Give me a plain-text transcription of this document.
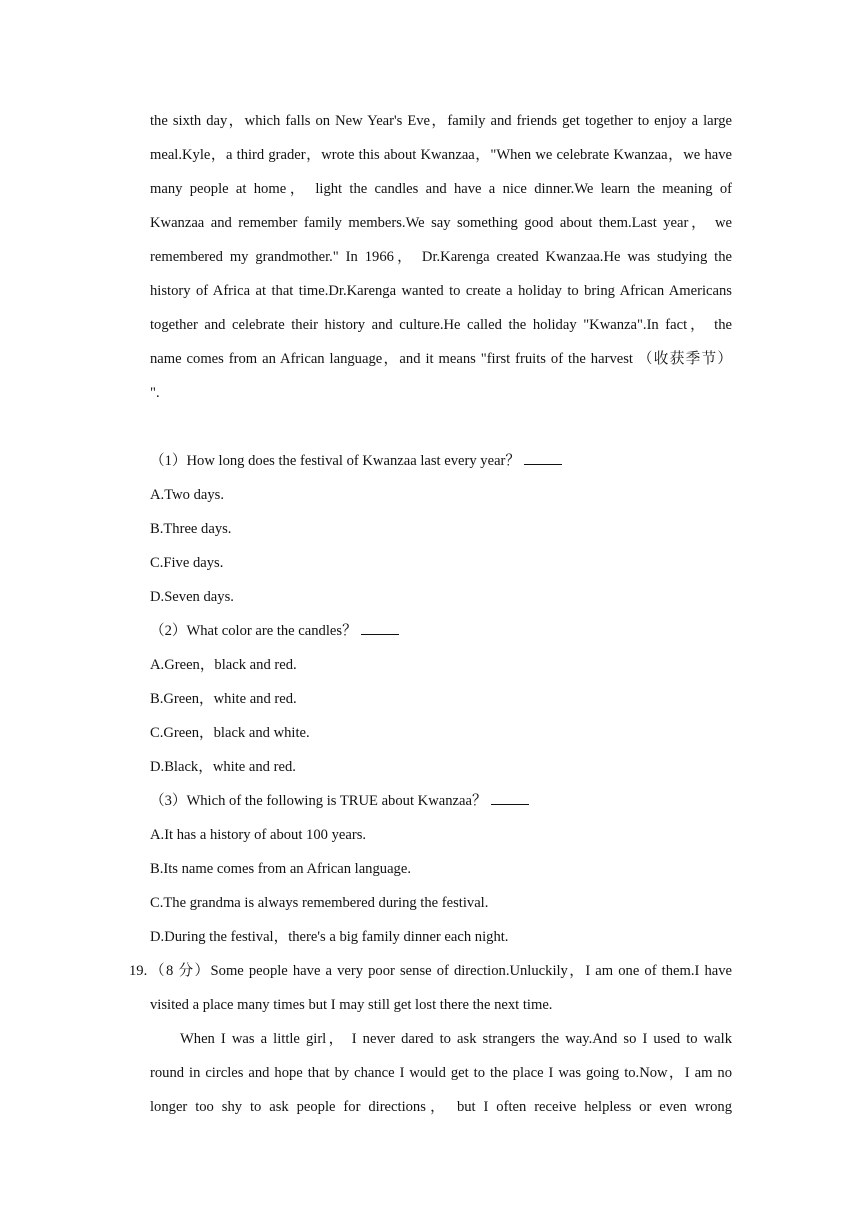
the sixth day，which falls on New Year's Eve，family and friends get together to enjoy a large
meal.Kyle，a third grader，wrote this about Kwanzaa，"When we celebrate Kwanzaa，we have
many people at home， light the candles and have a nice dinner.We learn the meaning of
Kwanzaa and remember family members.We say something good about them.Last year， we
remembered my grandmother." In 1966， Dr.Karenga created Kwanzaa.He was studying the
history of Africa at that time.Dr.Karenga wanted to create a holiday to bring African Americans
together and celebrate their history and culture.He called the holiday "Kwanza".In fact， the
name comes from an African language，and it means "first fruits of the harvest （收获季节）
".
（1）How long does the festival of Kwanzaa last every year？
A.Two days.
B.Three days.
C.Five days.
D.Seven days.
（2）What color are the candles？
A.Green，black and red.
B.Green，white and red.
C.Green，black and white.
D.Black，white and red.
（3）Which of the following is TRUE about Kwanzaa？
A.It has a history of about 100 years.
B.Its name comes from an African language.
C.The grandma is always remembered during the festival.
D.During the festival，there's a big family dinner each night.
19. （8 分）Some people have a very poor sense of direction.Unluckily，I am one of them.I have
visited a place many times but I may still get lost there the next time.
When I was a little girl， I never dared to ask strangers the way.And so I used to walk
round in circles and hope that by chance I would get to the place I was going to.Now，I am no
longer too shy to ask people for directions， but I often receive helpless or even wrong
